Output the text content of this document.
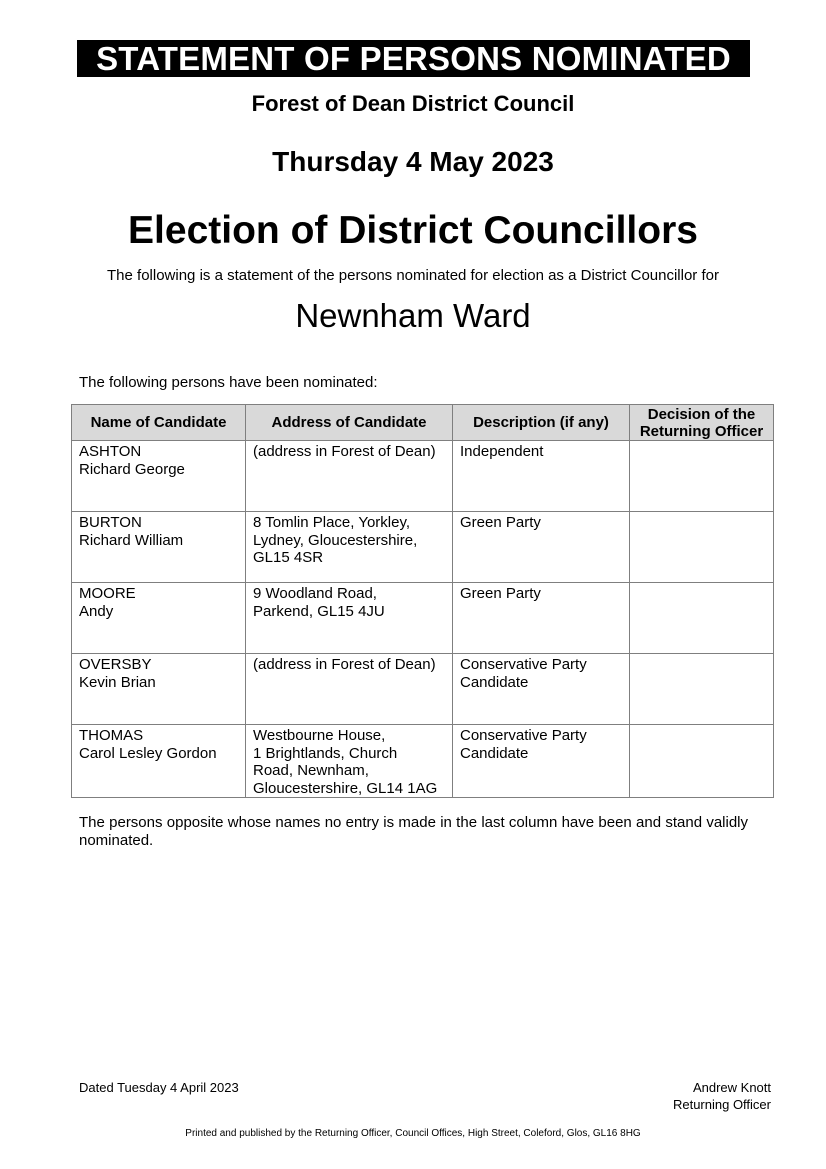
STATEMENT OF PERSONS NOMINATED
Forest of Dean District Council
Thursday 4 May 2023
Election of District Councillors
The following is a statement of the persons nominated for election as a District Councillor for
Newnham Ward
The following persons have been nominated:
Name of Candidate	Address of Candidate	Description (if any)	Decision of the Returning Officer

ASHTON
Richard George	(address in Forest of Dean)	Independent	

BURTON
Richard William	8 Tomlin Place, Yorkley,
Lydney, Gloucestershire,
GL15 4SR	Green Party	

MOORE
Andy	9 Woodland Road,
Parkend, GL15 4JU	Green Party	

OVERSBY
Kevin Brian	(address in Forest of Dean)	Conservative Party
Candidate	

THOMAS
Carol Lesley Gordon	Westbourne House,
1 Brightlands, Church
Road, Newnham,
Gloucestershire, GL14 1AG	Conservative Party
Candidate	

The persons opposite whose names no entry is made in the last column have been and stand validly nominated.
Dated Tuesday 4 April 2023	Andrew Knott
Returning Officer
Printed and published by the Returning Officer, Council Offices, High Street, Coleford, Glos, GL16 8HG
